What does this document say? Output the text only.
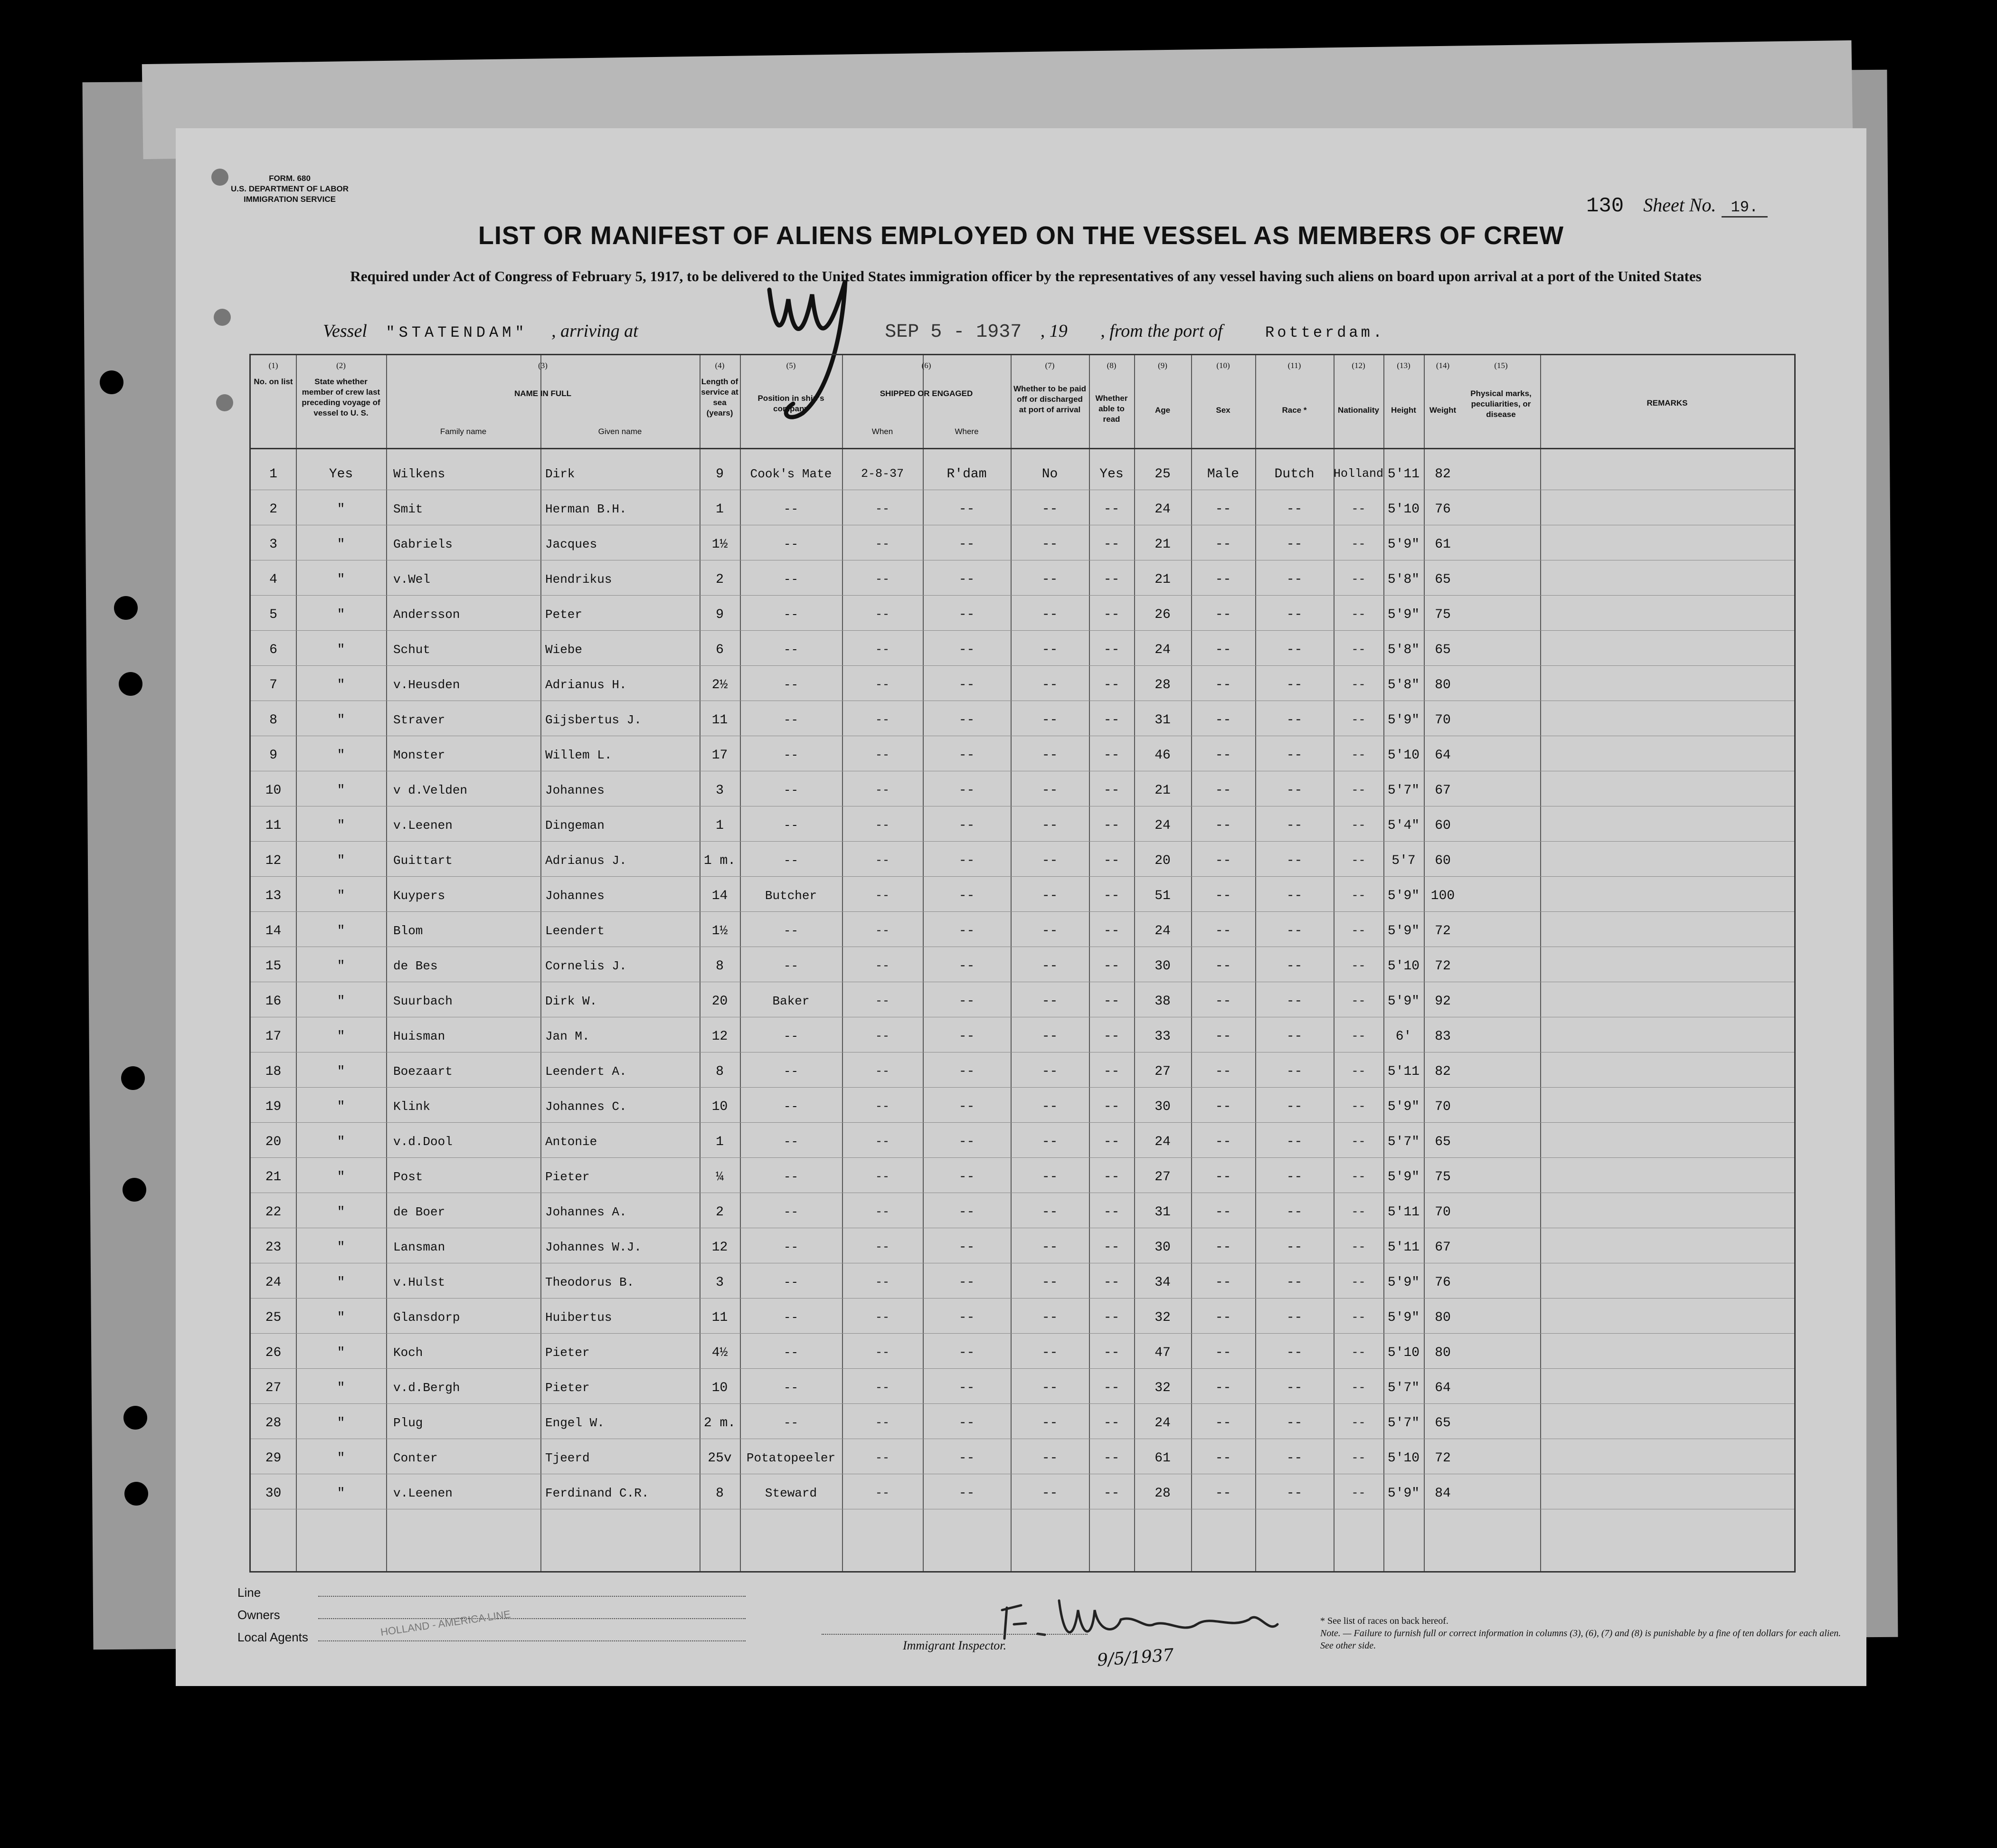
FORM. 680
U.S. DEPARTMENT OF LABOR
IMMIGRATION SERVICE	130 Sheet No. 19.
LIST OR MANIFEST OF ALIENS EMPLOYED ON THE VESSEL AS MEMBERS OF CREW
Required under Act of Congress of February 5, 1917, to be delivered to the United States immigration officer by the representatives of any vessel having such aliens on board upon arrival at a port of the United States
Vessel "STATENDAM" , arriving at	SEP 5 - 1937 , 19 , from the port of	Rotterdam.
(1)
No. on list
(2)
State whether member of crew last preceding voyage of vessel to U. S.
(3)
NAME IN FULL
Family name	Given name
(4)
Length of service at sea (years)
(5)
Position in ship's company
(6)
SHIPPED OR ENGAGED
When	Where
(7)
Whether to be paid off or discharged at port of arrival
(8)
Whether able to read
(9)
Age
(10)
Sex
(11)
Race *
(12)
Nationality
(13)
Height
(14)
Weight
(15)
Physical marks, peculiarities, or disease
REMARKS
1	Yes	Wilkens	Dirk	9	Cook's Mate	2-8-37	R'dam	No	Yes	25	Male	Dutch	Holland 5'11	82
2	"	Smit	Herman B.H.	1	--	--	--	--	--	24	--	--	--	5'10	76
3	"	Gabriels	Jacques	1½	--	--	--	--	--	21	--	--	--	5'9"	61
4	"	v.Wel	Hendrikus	2	--	--	--	--	--	21	--	--	--	5'8"	65
5	"	Andersson	Peter	9	--	--	--	--	--	26	--	--	--	5'9"	75
6	"	Schut	Wiebe	6	--	--	--	--	--	24	--	--	--	5'8"	65
7	"	v.Heusden	Adrianus H.	2½	--	--	--	--	--	28	--	--	--	5'8"	80
8	"	Straver	Gijsbertus J.	11	--	--	--	--	--	31	--	--	--	5'9"	70
9	"	Monster	Willem L.	17	--	--	--	--	--	46	--	--	--	5'10	64
10	"	v d.Velden	Johannes	3	--	--	--	--	--	21	--	--	--	5'7"	67
11	"	v.Leenen	Dingeman	1	--	--	--	--	--	24	--	--	--	5'4"	60
12	"	Guittart	Adrianus J.	1 m.	--	--	--	--	--	20	--	--	--	5'7	60
13	"	Kuypers	Johannes	14	Butcher	--	--	--	--	51	--	--	--	5'9" 100
14	"	Blom	Leendert	1½	--	--	--	--	--	24	--	--	--	5'9"	72
15	"	de Bes	Cornelis J.	8	--	--	--	--	--	30	--	--	--	5'10	72
16	"	Suurbach	Dirk W.	20	Baker	--	--	--	--	38	--	--	--	5'9"	92
17	"	Huisman	Jan M.	12	--	--	--	--	--	33	--	--	--	6'	83
18	"	Boezaart	Leendert A.	8	--	--	--	--	--	27	--	--	--	5'11	82
19	"	Klink	Johannes C.	10	--	--	--	--	--	30	--	--	--	5'9"	70
20	"	v.d.Dool	Antonie	1	--	--	--	--	--	24	--	--	--	5'7"	65
21	"	Post	Pieter	¼	--	--	--	--	--	27	--	--	--	5'9"	75
22	"	de Boer	Johannes A.	2	--	--	--	--	--	31	--	--	--	5'11	70
23	"	Lansman	Johannes W.J.	12	--	--	--	--	--	30	--	--	--	5'11	67
24	"	v.Hulst	Theodorus B.	3	--	--	--	--	--	34	--	--	--	5'9"	76
25	"	Glansdorp	Huibertus	11	--	--	--	--	--	32	--	--	--	5'9"	80
26	"	Koch	Pieter	4½	--	--	--	--	--	47	--	--	--	5'10	80
27	"	v.d.Bergh	Pieter	10	--	--	--	--	--	32	--	--	--	5'7"	64
28	"	Plug	Engel W.	2 m.	--	--	--	--	--	24	--	--	--	5'7"	65
29	"	Conter	Tjeerd	25v	Potatopeeler	--	--	--	--	61	--	--	--	5'10	72
30	"	v.Leenen	Ferdinand C.R.	8	Steward	--	--	--	--	28	--	--	--	5'9"	84
9/5/1937
Line
Owners
Local Agents	HOLLAND - AMERICA LINE
Immigrant Inspector.
* See list of races on back hereof.
Note. — Failure to furnish full or correct information in columns (3), (6), (7) and (8) is punishable by a fine of ten dollars for each alien. See other side.
